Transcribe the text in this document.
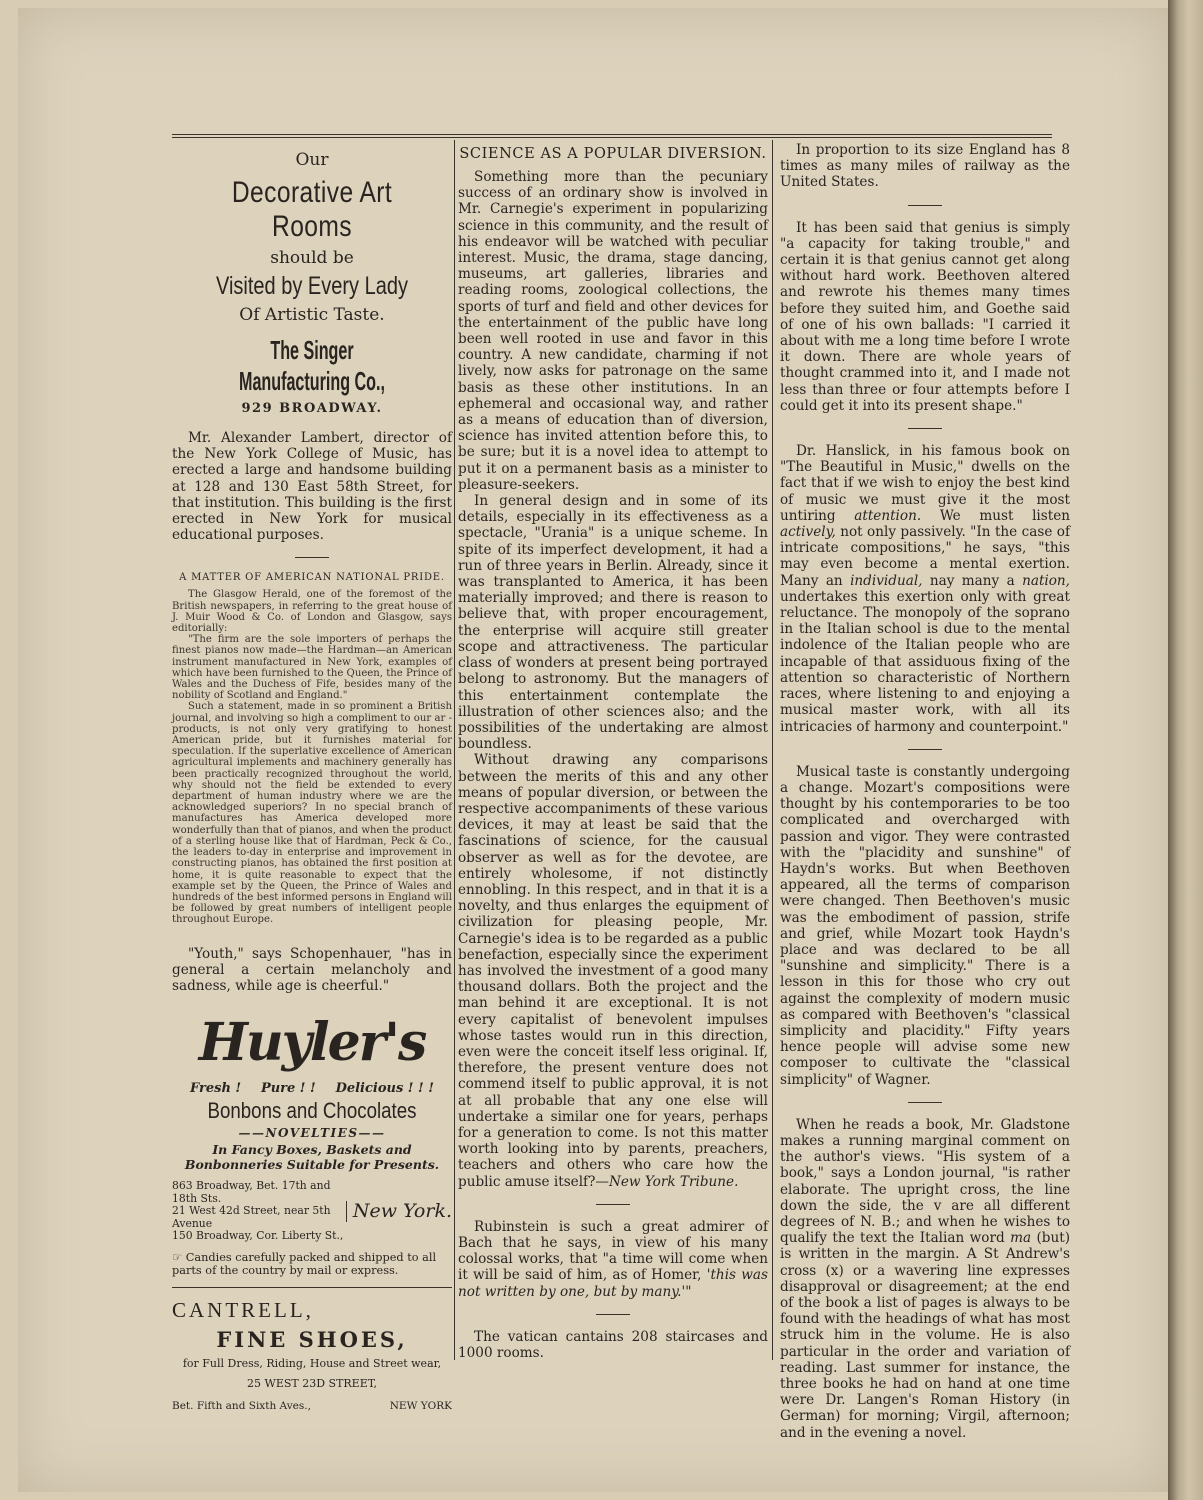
Our
Decorative Art Rooms
should be
Visited by Every Lady
Of Artistic Taste.
The Singer Manufacturing Co.,
929 BROADWAY.

Mr. Alexander Lambert, director of the New York College of Music, has erected a large and handsome building at 128 and 130 East 58th Street, for that institution. This building is the first erected in New York for musical educational purposes.

A MATTER OF AMERICAN NATIONAL PRIDE.

The Glasgow Herald, one of the foremost of the British newspapers, in referring to the great house of J. Muir Wood & Co. of London and Glasgow, says editorially:

"The firm are the sole importers of perhaps the finest pianos now made—the Hardman—an American instrument manufactured in New York, examples of which have been furnished to the Queen, the Prince of Wales and the Duchess of Fife, besides many of the nobility of Scotland and England."

Such a statement, made in so prominent a British journal, and involving so high a compliment to our ar -products, is not only very gratifying to honest American pride, but it furnishes material for speculation. If the superlative excellence of American agricultural implements and machinery generally has been practically recognized throughout the world, why should not the field be extended to every department of human industry where we are the acknowledged superiors? In no special branch of manufactures has America developed more wonderfully than that of pianos, and when the product of a sterling house like that of Hardman, Peck & Co., the leaders to-day in enterprise and improvement in constructing pianos, has obtained the first position at home, it is quite reasonable to expect that the example set by the Queen, the Prince of Wales and hundreds of the best informed persons in England will be followed by great numbers of intelligent people throughout Europe.

"Youth," says Schopenhauer, "has in general a certain melancholy and sadness, while age is cheerful."

Huyler's
Fresh ! Pure ! ! Delicious ! ! !
Bonbons and Chocolates
——NOVELTIES——
In Fancy Boxes, Baskets and Bonbonneries Suitable for Presents.
863 Broadway, Bet. 17th and 18th Sts.
21 West 42d Street, near 5th Avenue
150 Broadway, Cor. Liberty St.,
New York.
☞ Candies carefully packed and shipped to all parts of the country by mail or express.
CANTRELL,
FINE SHOES,
for Full Dress, Riding, House and Street wear,
25 WEST 23D STREET,
Bet. Fifth and Sixth Aves.,	NEW YORK
SCIENCE AS A POPULAR DIVERSION.

Something more than the pecuniary success of an ordinary show is involved in Mr. Carnegie's experiment in popularizing science in this community, and the result of his endeavor will be watched with peculiar interest. Music, the drama, stage dancing, museums, art galleries, libraries and reading rooms, zoological collections, the sports of turf and field and other devices for the entertainment of the public have long been well rooted in use and favor in this country. A new candidate, charming if not lively, now asks for patronage on the same basis as these other institutions. In an ephemeral and occasional way, and rather as a means of education than of diversion, science has invited attention before this, to be sure; but it is a novel idea to attempt to put it on a permanent basis as a minister to pleasure-seekers.

In general design and in some of its details, especially in its effectiveness as a spectacle, "Urania" is a unique scheme. In spite of its imperfect development, it had a run of three years in Berlin. Already, since it was transplanted to America, it has been materially improved; and there is reason to believe that, with proper encouragement, the enterprise will acquire still greater scope and attractiveness. The particular class of wonders at present being portrayed belong to astronomy. But the managers of this entertainment contemplate the illustration of other sciences also; and the possibilities of the undertaking are almost boundless.

Without drawing any comparisons between the merits of this and any other means of popular diversion, or between the respective accompaniments of these various devices, it may at least be said that the fascinations of science, for the causual observer as well as for the devotee, are entirely wholesome, if not distinctly ennobling. In this respect, and in that it is a novelty, and thus enlarges the equipment of civilization for pleasing people, Mr. Carnegie's idea is to be regarded as a public benefaction, especially since the experiment has involved the investment of a good many thousand dollars. Both the project and the man behind it are exceptional. It is not every capitalist of benevolent impulses whose tastes would run in this direction, even were the conceit itself less original. If, therefore, the present venture does not commend itself to public approval, it is not at all probable that any one else will undertake a similar one for years, perhaps for a generation to come. Is not this matter worth looking into by parents, preachers, teachers and others who care how the public amuse itself?—New York Tribune.

Rubinstein is such a great admirer of Bach that he says, in view of his many colossal works, that "a time will come when it will be said of him, as of Homer, 'this was not written by one, but by many.'"

The vatican cantains 208 staircases and 1000 rooms.

In proportion to its size England has 8 times as many miles of railway as the United States.

It has been said that genius is simply "a capacity for taking trouble," and certain it is that genius cannot get along without hard work. Beethoven altered and rewrote his themes many times before they suited him, and Goethe said of one of his own ballads: "I carried it about with me a long time before I wrote it down. There are whole years of thought crammed into it, and I made not less than three or four attempts before I could get it into its present shape."

Dr. Hanslick, in his famous book on "The Beautiful in Music," dwells on the fact that if we wish to enjoy the best kind of music we must give it the most untiring attention. We must listen actively, not only passively. "In the case of intricate compositions," he says, "this may even become a mental exertion. Many an individual, nay many a nation, undertakes this exertion only with great reluctance. The monopoly of the soprano in the Italian school is due to the mental indolence of the Italian people who are incapable of that assiduous fixing of the attention so characteristic of Northern races, where listening to and enjoying a musical master work, with all its intricacies of harmony and counterpoint."

Musical taste is constantly undergoing a change. Mozart's compositions were thought by his contemporaries to be too complicated and overcharged with passion and vigor. They were contrasted with the "placidity and sunshine" of Haydn's works. But when Beethoven appeared, all the terms of comparison were changed. Then Beethoven's music was the embodiment of passion, strife and grief, while Mozart took Haydn's place and was declared to be all "sunshine and simplicity." There is a lesson in this for those who cry out against the complexity of modern music as compared with Beethoven's "classical simplicity and placidity." Fifty years hence people will advise some new composer to cultivate the "classical simplicity" of Wagner.

When he reads a book, Mr. Gladstone makes a running marginal comment on the author's views. "His system of a book," says a London journal, "is rather elaborate. The upright cross, the line down the side, the v are all different degrees of N. B.; and when he wishes to qualify the text the Italian word ma (but) is written in the margin. A St Andrew's cross (x) or a wavering line expresses disapproval or disagreement; at the end of the book a list of pages is always to be found with the headings of what has most struck him in the volume. He is also particular in the order and variation of reading. Last summer for instance, the three books he had on hand at one time were Dr. Langen's Roman History (in German) for morning; Virgil, afternoon; and in the evening a novel.
